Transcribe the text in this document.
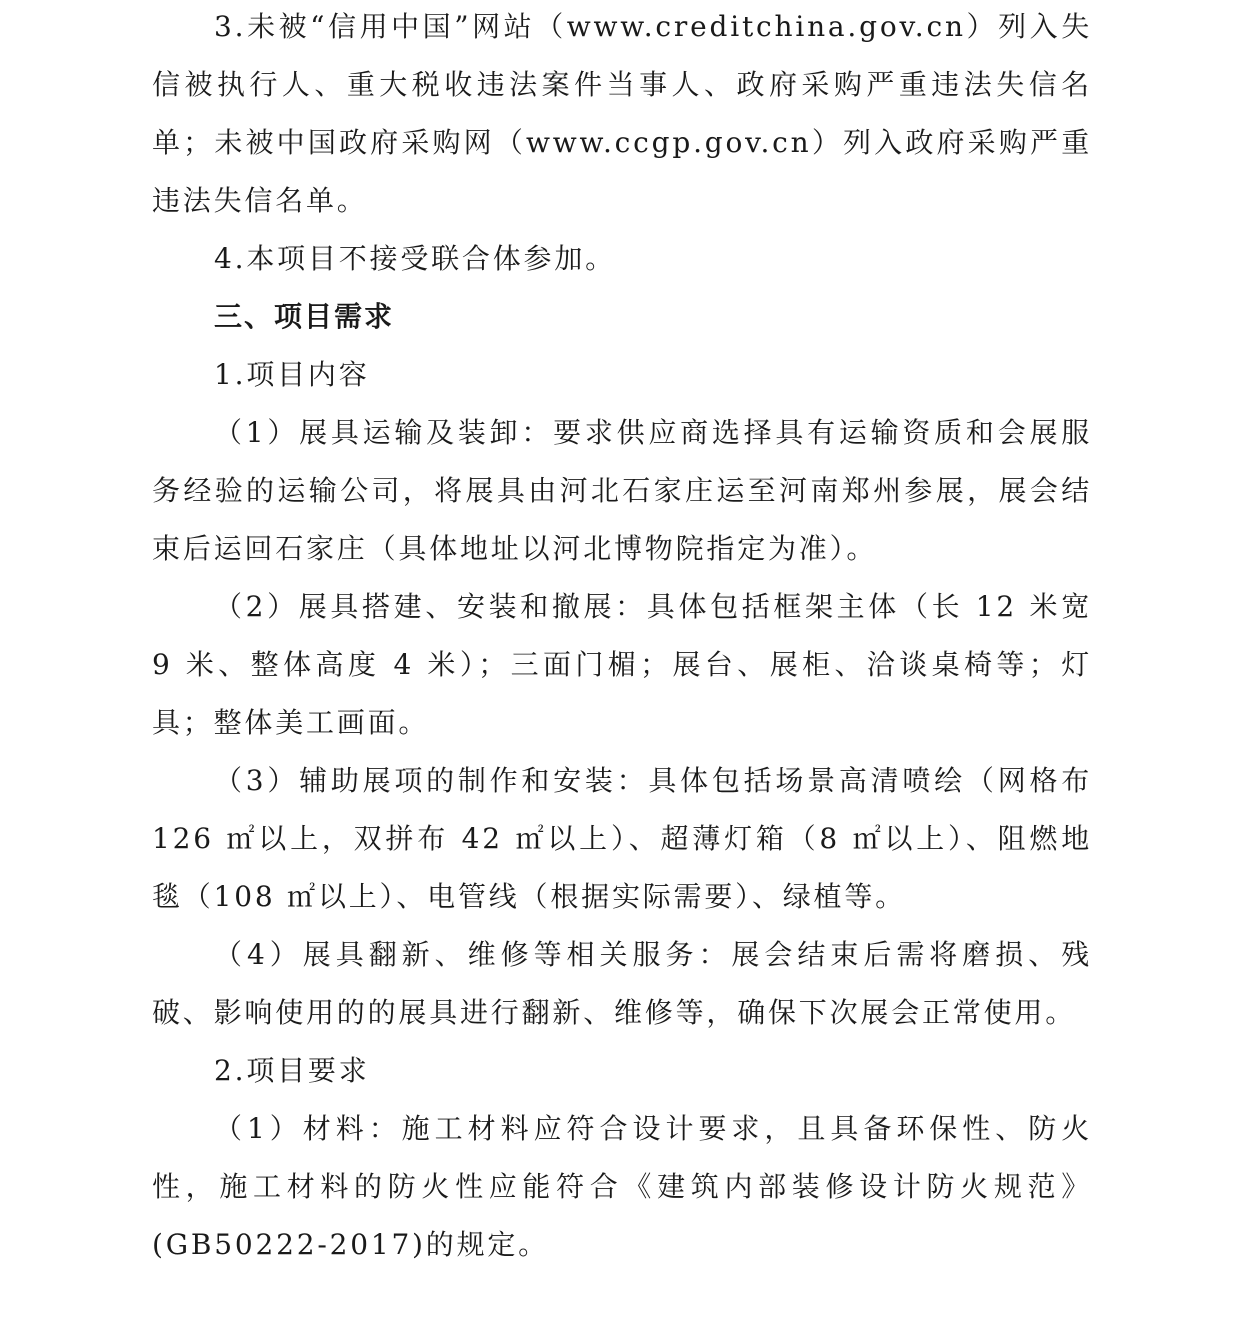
3.未被“信用中国”网站（www.creditchina.gov.cn）列入失信被执行人、重大税收违法案件当事人、政府采购严重违法失信名单；未被中国政府采购网（www.ccgp.gov.cn）列入政府采购严重违法失信名单。

4.本项目不接受联合体参加。

三、项目需求

1.项目内容

（1）展具运输及装卸：要求供应商选择具有运输资质和会展服务经验的运输公司，将展具由河北石家庄运至河南郑州参展，展会结束后运回石家庄（具体地址以河北博物院指定为准）。

（2）展具搭建、安装和撤展：具体包括框架主体（长 12 米宽 9 米、整体高度 4 米）；三面门楣；展台、展柜、洽谈桌椅等；灯具；整体美工画面。

（3）辅助展项的制作和安装：具体包括场景高清喷绘（网格布 126 ㎡以上，双拼布 42 ㎡以上）、超薄灯箱（8 ㎡以上）、阻燃地毯（108 ㎡以上）、电管线（根据实际需要）、绿植等。

（4）展具翻新、维修等相关服务：展会结束后需将磨损、残破、影响使用的的展具进行翻新、维修等，确保下次展会正常使用。

2.项目要求

（1）材料：施工材料应符合设计要求，且具备环保性、防火性，施工材料的防火性应能符合《建筑内部装修设计防火规范》(GB50222-2017)的规定。
